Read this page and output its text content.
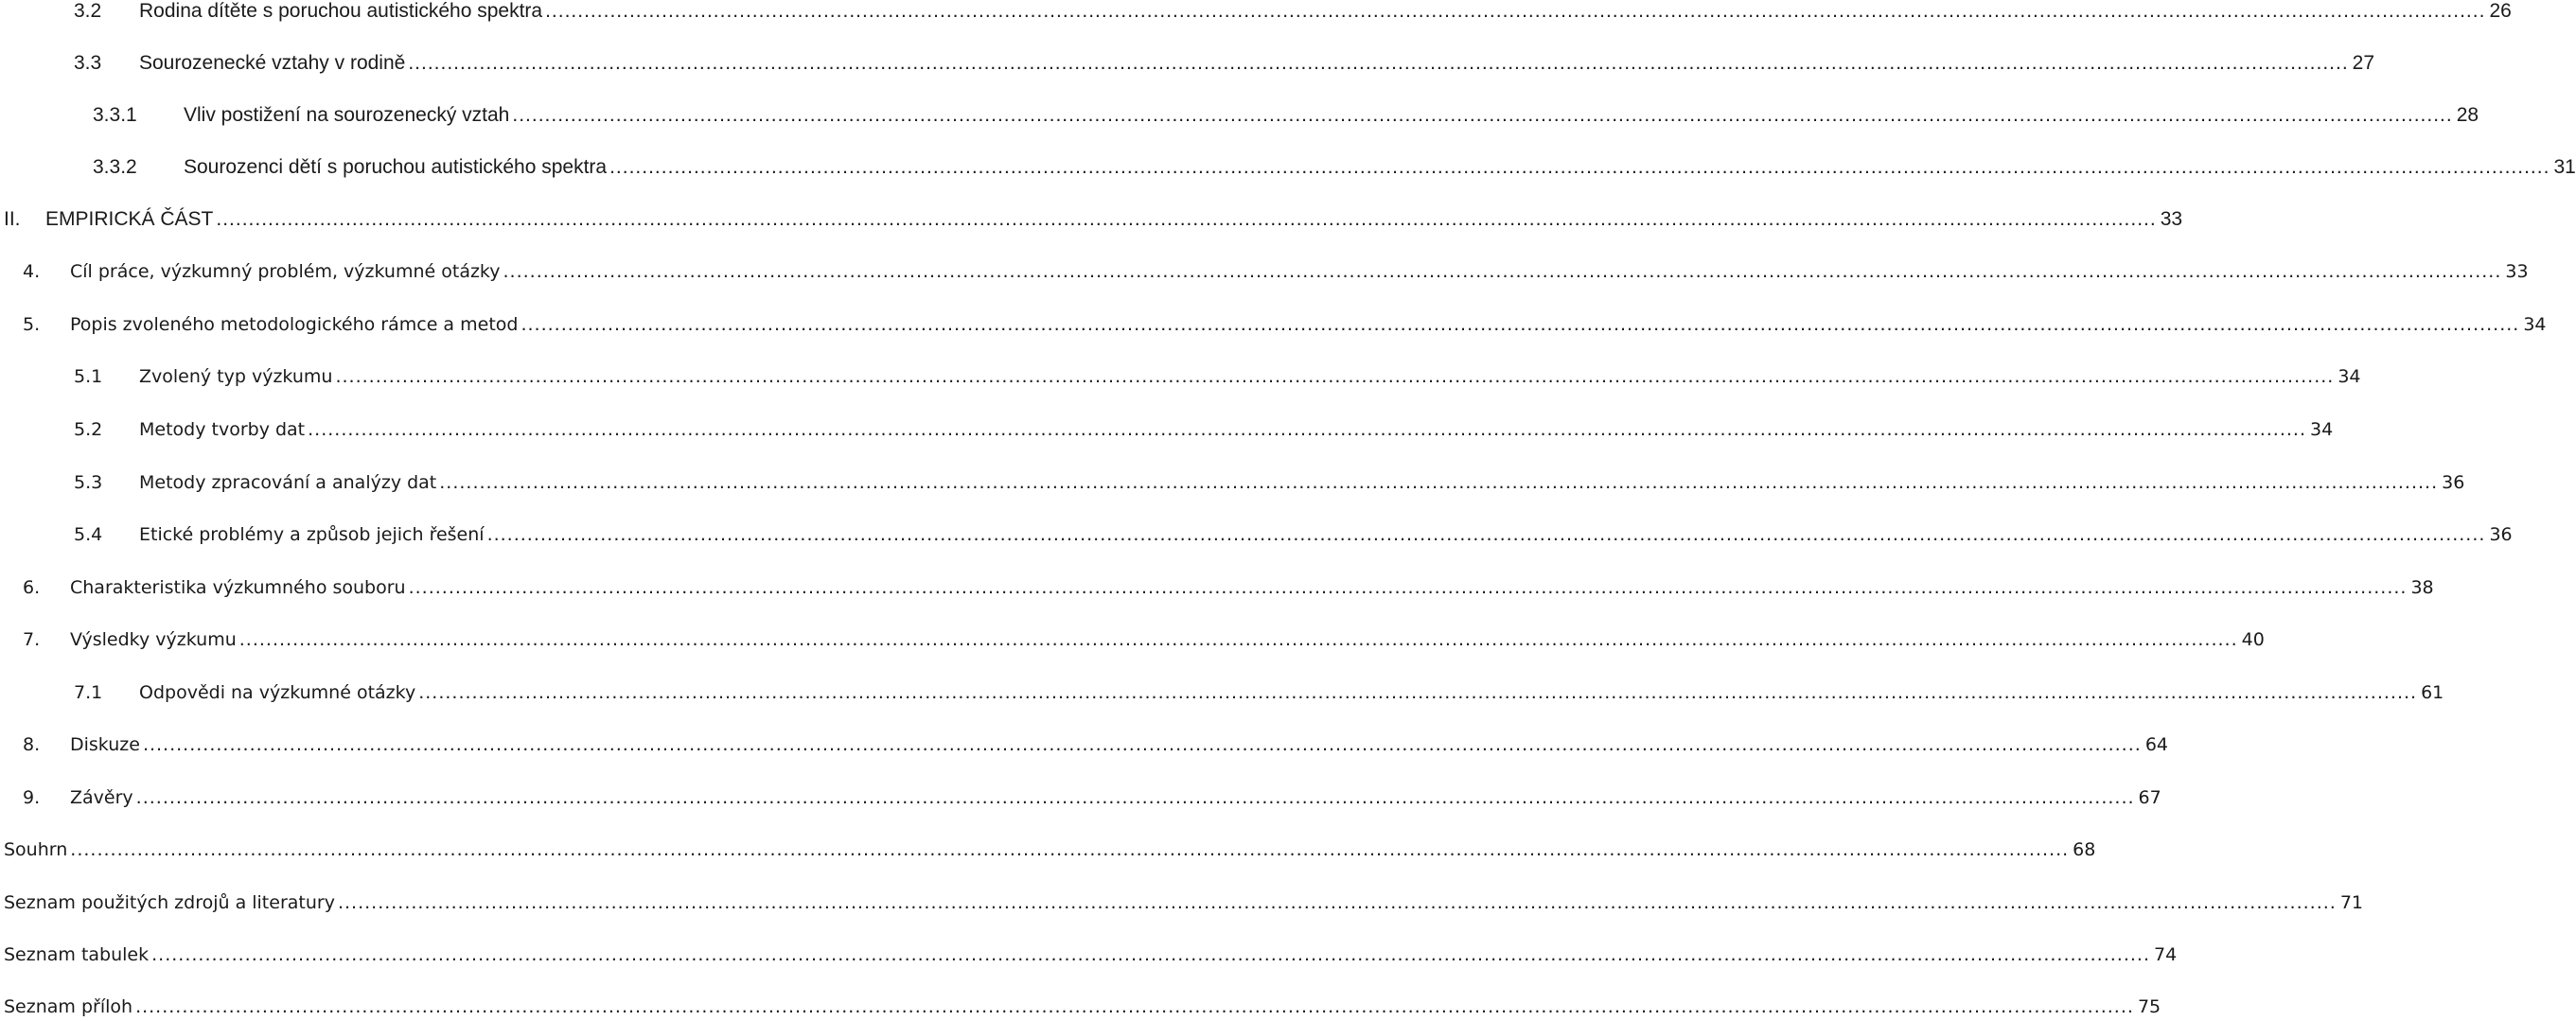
3.2 Rodina dítěte s poruchou autistického spektra ............................................................................................................................................................................................................................................................................................................ 26
3.3 Sourozenecké vztahy v rodině ............................................................................................................................................................................................................................................................................................................ 27
3.3.1 Vliv postižení na sourozenecký vztah ............................................................................................................................................................................................................................................................................................................ 28
3.3.2 Sourozenci dětí s poruchou autistického spektra ............................................................................................................................................................................................................................................................................................................ 31
II. EMPIRICKÁ ČÁST ............................................................................................................................................................................................................................................................................................................ 33
4. Cíl práce, výzkumný problém, výzkumné otázky ............................................................................................................................................................................................................................................................................................................ 33
5. Popis zvoleného metodologického rámce a metod ............................................................................................................................................................................................................................................................................................................ 34
5.1 Zvolený typ výzkumu ............................................................................................................................................................................................................................................................................................................ 34
5.2 Metody tvorby dat ............................................................................................................................................................................................................................................................................................................ 34
5.3 Metody zpracování a analýzy dat ............................................................................................................................................................................................................................................................................................................ 36
5.4 Etické problémy a způsob jejich řešení ............................................................................................................................................................................................................................................................................................................ 36
6. Charakteristika výzkumného souboru ............................................................................................................................................................................................................................................................................................................ 38
7. Výsledky výzkumu ............................................................................................................................................................................................................................................................................................................ 40
7.1 Odpovědi na výzkumné otázky ............................................................................................................................................................................................................................................................................................................ 61
8. Diskuze ............................................................................................................................................................................................................................................................................................................ 64
9. Závěry ............................................................................................................................................................................................................................................................................................................ 67
Souhrn ............................................................................................................................................................................................................................................................................................................ 68
Seznam použitých zdrojů a literatury ............................................................................................................................................................................................................................................................................................................ 71
Seznam tabulek ............................................................................................................................................................................................................................................................................................................ 74
Seznam příloh ............................................................................................................................................................................................................................................................................................................ 75
